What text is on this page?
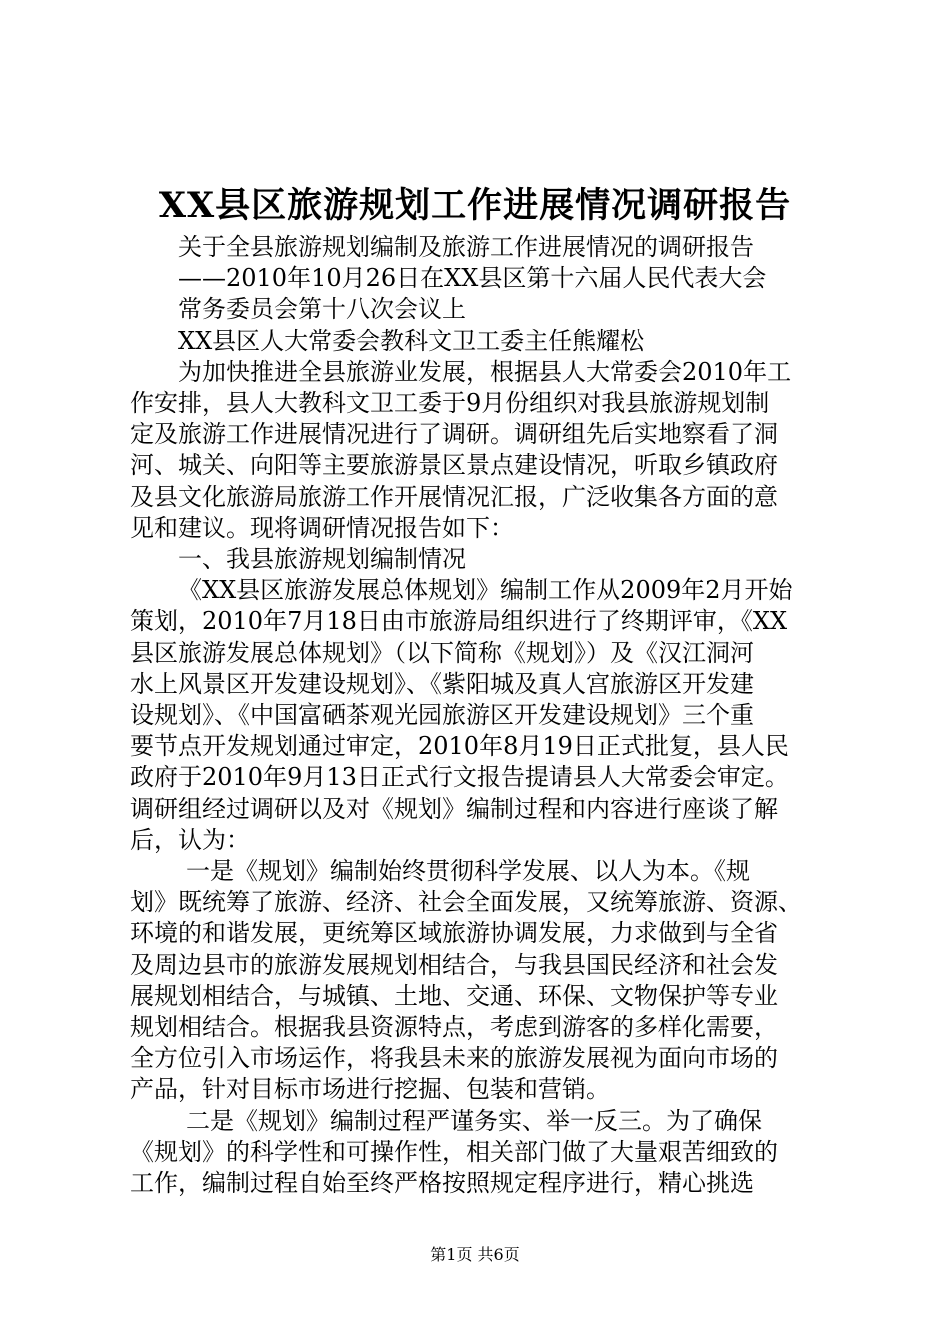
XX县区旅游规划工作进展情况调研报告

关于全县旅游规划编制及旅游工作进展情况的调研报告

——2010年10月26日在XX县区第十六届人民代表大会

常务委员会第十八次会议上

XX县区人大常委会教科文卫工委主任熊耀松

为加快推进全县旅游业发展，根据县人大常委会2010年工

作安排，县人大教科文卫工委于9月份组织对我县旅游规划制

定及旅游工作进展情况进行了调研。调研组先后实地察看了洞

河、城关、向阳等主要旅游景区景点建设情况，听取乡镇政府

及县文化旅游局旅游工作开展情况汇报，广泛收集各方面的意

见和建议。现将调研情况报告如下：

一、我县旅游规划编制情况

《XX县区旅游发展总体规划》编制工作从2009年2月开始

策划，2010年7月18日由市旅游局组织进行了终期评审，《XX

县区旅游发展总体规划》（以下简称《规划》）及《汉江洞河

水上风景区开发建设规划》、《紫阳城及真人宫旅游区开发建

设规划》、《中国富硒茶观光园旅游区开发建设规划》三个重

要节点开发规划通过审定，2010年8月19日正式批复，县人民

政府于2010年9月13日正式行文报告提请县人大常委会审定。

调研组经过调研以及对《规划》编制过程和内容进行座谈了解

后，认为：

一是《规划》编制始终贯彻科学发展、以人为本。《规

划》既统筹了旅游、经济、社会全面发展，又统筹旅游、资源、

环境的和谐发展，更统筹区域旅游协调发展，力求做到与全省

及周边县市的旅游发展规划相结合，与我县国民经济和社会发

展规划相结合，与城镇、土地、交通、环保、文物保护等专业

规划相结合。根据我县资源特点，考虑到游客的多样化需要，

全方位引入市场运作，将我县未来的旅游发展视为面向市场的

产品，针对目标市场进行挖掘、包装和营销。

二是《规划》编制过程严谨务实、举一反三。为了确保

《规划》的科学性和可操作性，相关部门做了大量艰苦细致的

工作，编制过程自始至终严格按照规定程序进行，精心挑选

第1页 共6页
